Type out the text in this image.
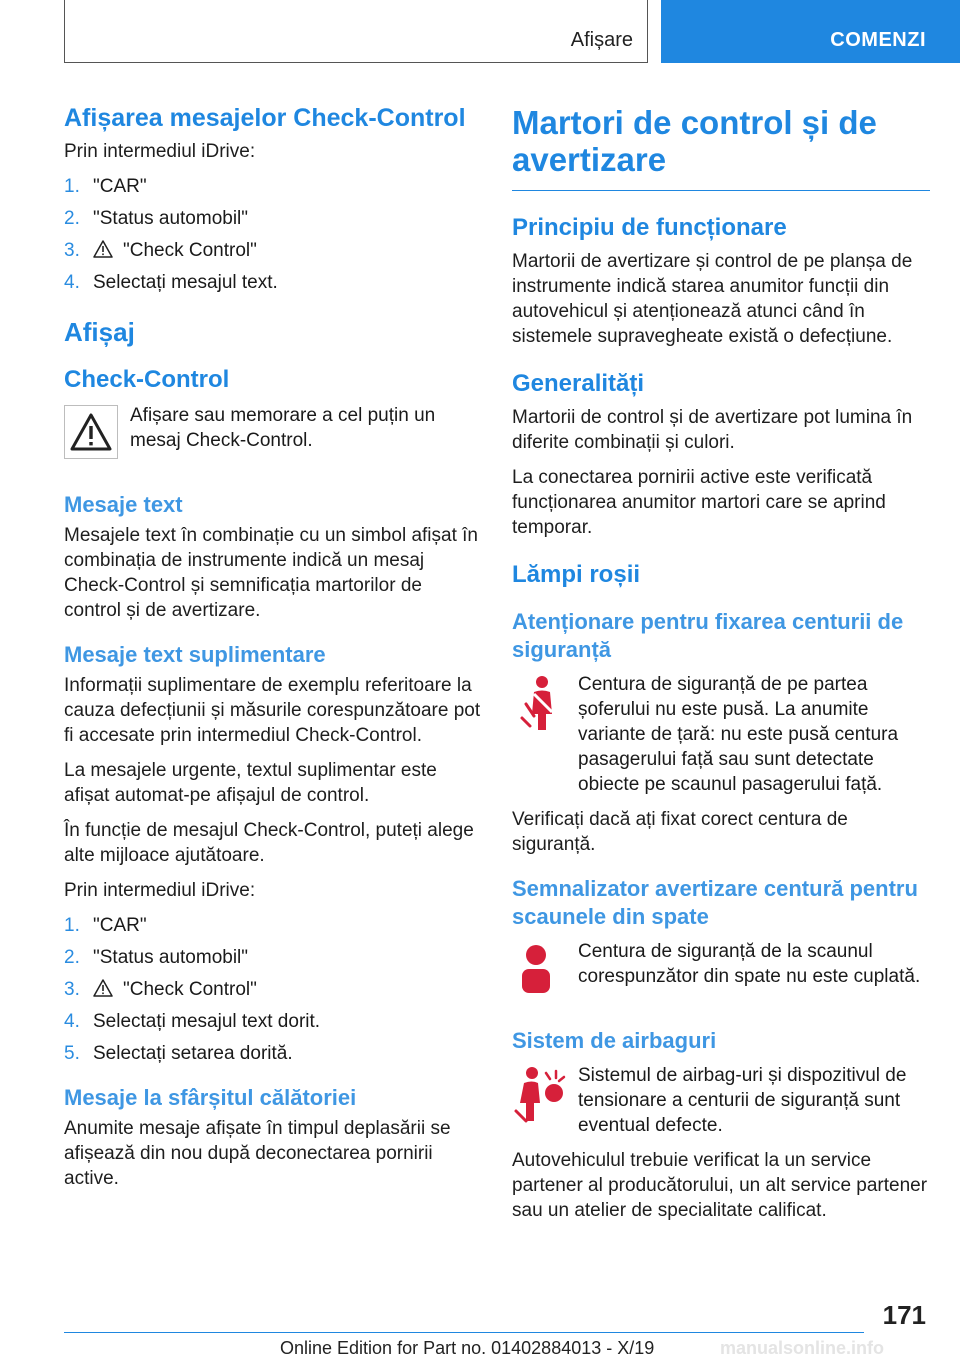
Afișare	COMENZI
Afișarea mesajelor Check-Control

Prin intermediul iDrive:

1. "CAR"
2. "Status automobil"
3. "Check Control"
4. Selectați mesajul text.
Afișaj
Check-Control
Afișare sau memorare a cel puțin un mesaj Check-Control.
Mesaje text

Mesajele text în combinație cu un simbol afișat în combinația de instrumente indică un mesaj Check-Control și semnificația martorilor de control și de avertizare.

Mesaje text suplimentare

Informații suplimentare de exemplu referitoare la cauza defecțiunii și măsurile corespunzătoare pot fi accesate prin intermediul Check-Control.

La mesajele urgente, textul suplimentar este afișat automat-pe afișajul de control.

În funcție de mesajul Check-Control, puteți alege alte mijloace ajutătoare.

Prin intermediul iDrive:

1. "CAR"
2. "Status automobil"
3. "Check Control"
4. Selectați mesajul text dorit.
5. Selectați setarea dorită.
Mesaje la sfârșitul călătoriei

Anumite mesaje afișate în timpul deplasării se afișează din nou după deconectarea pornirii active.

Martori de control și de avertizare
Principiu de funcționare

Martorii de avertizare și control de pe planșa de instrumente indică starea anumitor funcții din autovehicul și atenționează atunci când în sistemele supravegheate există o defecțiune.

Generalități

Martorii de control și de avertizare pot lumina în diferite combinații și culori.

La conectarea pornirii active este verificată funcționarea anumitor martori care se aprind temporar.

Lămpi roșii
Atenționare pentru fixarea centurii de siguranță
Centura de siguranță de pe partea șoferului nu este pusă. La anumite variante de țară: nu este pusă centura pasagerului față sau sunt detectate obiecte pe scaunul pasagerului față.

Verificați dacă ați fixat corect centura de siguranță.

Semnalizator avertizare centură pentru scaunele din spate
Centura de siguranță de la scaunul corespunzător din spate nu este cuplată.
Sistem de airbaguri
Sistemul de airbag-uri și dispozitivul de tensionare a centurii de siguranță sunt eventual defecte.

Autovehiculul trebuie verificat la un service partener al producătorului, un alt service partener sau un atelier de specialitate calificat.

171
Online Edition for Part no. 01402884013 - X/19	manualsonline.info
